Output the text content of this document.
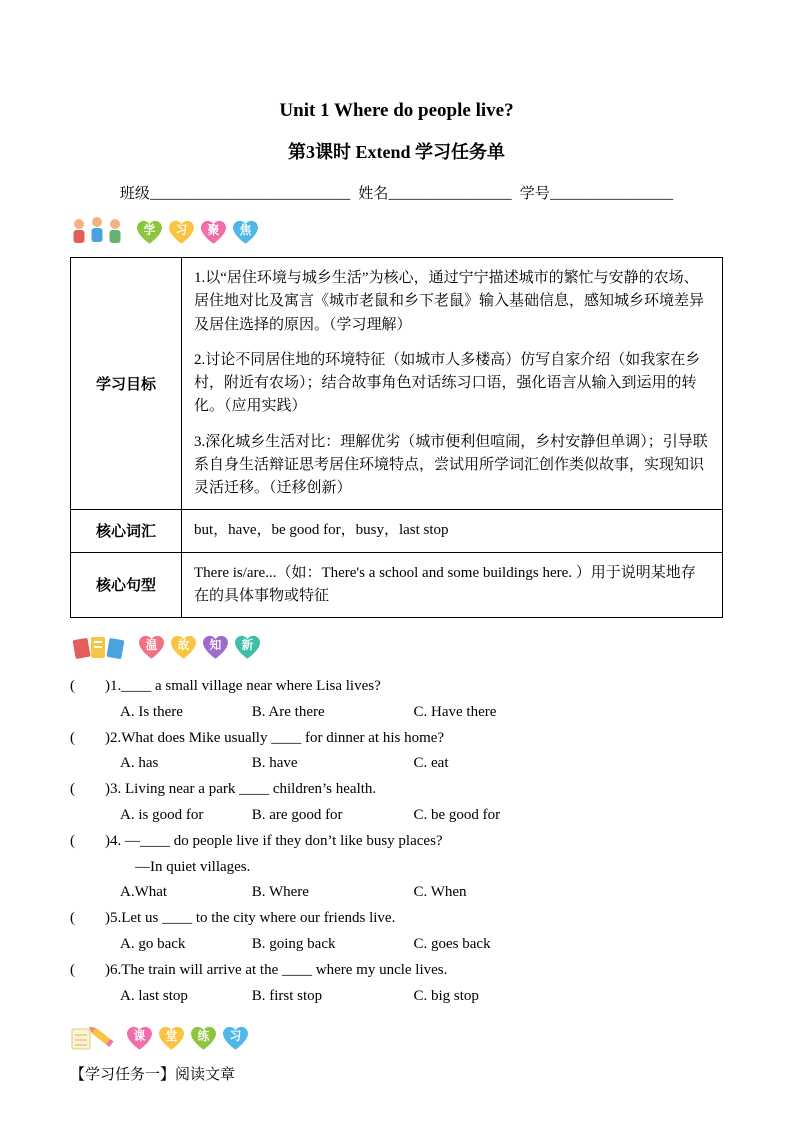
Unit 1 Where do people live?
第3课时 Extend 学习任务单
班级__________________________  姓名________________  学号________________
学 习 聚 焦
学习目标	1.以“居住环境与城乡生活”为核心，通过宁宁描述城市的繁忙与安静的农场、居住地对比及寓言《城市老鼠和乡下老鼠》输入基础信息，感知城乡环境差异及居住选择的原因。（学习理解）

2.讨论不同居住地的环境特征（如城市人多楼高）仿写自家介绍（如我家在乡村，附近有农场）；结合故事角色对话练习口语，强化语言从输入到运用的转化。（应用实践）

3.深化城乡生活对比：理解优劣（城市便利但喧闹，乡村安静但单调）；引导联系自身生活辩证思考居住环境特点，尝试用所学词汇创作类似故事，实现知识灵活迁移。（迁移创新）

核心词汇	but，have，be good for，busy，last stop
核心句型	There is/are...（如：There's a school and some buildings here. ）用于说明某地存在的具体事物或特征
温 故 知 新
(        )1.____ a small village near where Lisa lives?
A. Is there	B. Are there	C. Have there
(        )2.What does Mike usually ____ for dinner at his home?
A. has	B. have	C. eat
(        )3. Living near a park ____ children’s health.
A. is good for	B. are good for	C. be good for
(        )4. —____ do people live if they don’t like busy places?
—In quiet villages.
A.What	B. Where	C. When
(        )5.Let us ____ to the city where our friends live.
A. go back	B. going back	C. goes back
(        )6.The train will arrive at the ____ where my uncle lives.
A. last stop	B. first stop	C. big stop
课 堂 练 习
【学习任务一】阅读文章
